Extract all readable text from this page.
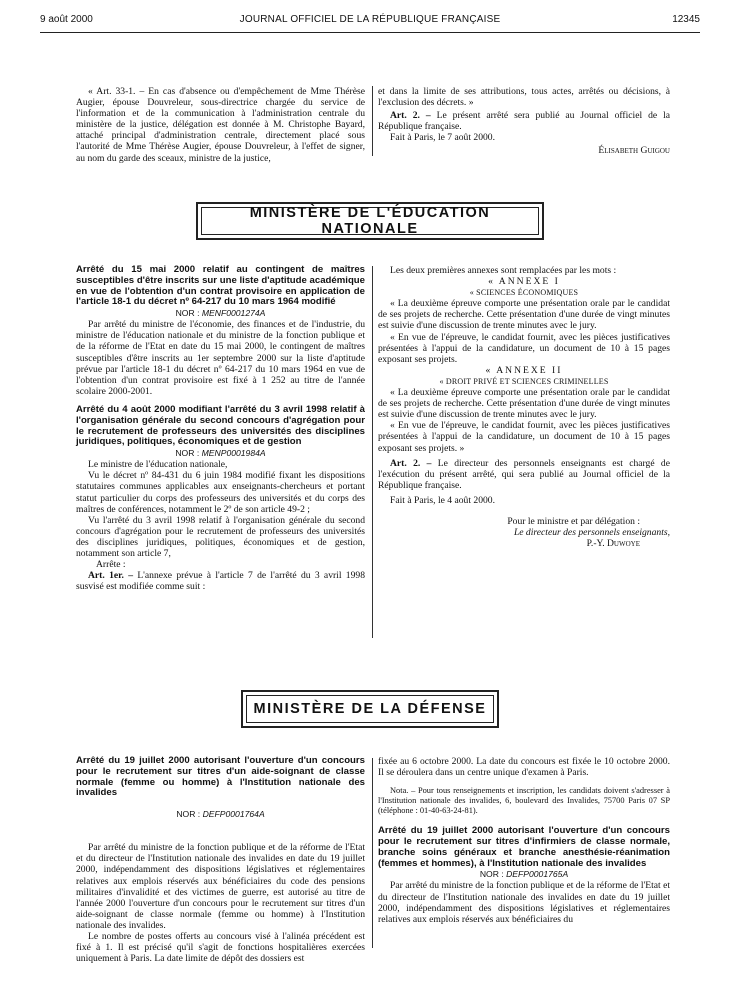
9 août 2000	JOURNAL OFFICIEL DE LA RÉPUBLIQUE FRANÇAISE	12345

« Art. 33-1. – En cas d'absence ou d'empêchement de Mme Thérèse Augier, épouse Douvreleur, sous-directrice chargée du service de l'information et de la communication à l'administration centrale du ministère de la justice, délégation est donnée à M. Christophe Bayard, attaché principal d'administration centrale, directement placé sous l'autorité de Mme Thérèse Augier, épouse Douvreleur, à l'effet de signer, au nom du garde des sceaux, ministre de la justice,

et dans la limite de ses attributions, tous actes, arrêtés ou décisions, à l'exclusion des décrets. »

Art. 2. – Le présent arrêté sera publié au Journal officiel de la République française.

Fait à Paris, le 7 août 2000.

Élisabeth Guigou

MINISTÈRE DE L'ÉDUCATION NATIONALE

Arrêté du 15 mai 2000 relatif au contingent de maîtres susceptibles d'être inscrits sur une liste d'aptitude académique en vue de l'obtention d'un contrat provisoire en application de l'article 18-1 du décret nº 64-217 du 10 mars 1964 modifié

NOR : MENF0001274A

Par arrêté du ministre de l'économie, des finances et de l'industrie, du ministre de l'éducation nationale et du ministre de la fonction publique et de la réforme de l'Etat en date du 15 mai 2000, le contingent de maîtres susceptibles d'être inscrits au 1er septembre 2000 sur la liste d'aptitude prévue par l'article 18-1 du décret nº 64-217 du 10 mars 1964 en vue de l'obtention d'un contrat provisoire est fixé à 1 252 au titre de l'année scolaire 2000-2001.

Arrêté du 4 août 2000 modifiant l'arrêté du 3 avril 1998 relatif à l'organisation générale du second concours d'agrégation pour le recrutement de professeurs des universités des disciplines juridiques, politiques, économiques et de gestion

NOR : MENP0001984A

Le ministre de l'éducation nationale,

Vu le décret nº 84-431 du 6 juin 1984 modifié fixant les dispositions statutaires communes applicables aux enseignants-chercheurs et portant statut particulier du corps des professeurs des universités et du corps des maîtres de conférences, notamment le 2º de son article 49-2 ;

Vu l'arrêté du 3 avril 1998 relatif à l'organisation générale du second concours d'agrégation pour le recrutement de professeurs des universités des disciplines juridiques, politiques, économiques et de gestion, notamment son article 7,

Arrête :

Art. 1er. – L'annexe prévue à l'article 7 de l'arrêté du 3 avril 1998 susvisé est modifiée comme suit :

Les deux premières annexes sont remplacées par les mots :

« ANNEXE I

« SCIENCES ÉCONOMIQUES

« La deuxième épreuve comporte une présentation orale par le candidat de ses projets de recherche. Cette présentation d'une durée de vingt minutes est suivie d'une discussion de trente minutes avec le jury.

« En vue de l'épreuve, le candidat fournit, avec les pièces justificatives présentées à l'appui de la candidature, un document de 10 à 15 pages exposant ses projets.

« ANNEXE II

« DROIT PRIVÉ ET SCIENCES CRIMINELLES

« La deuxième épreuve comporte une présentation orale par le candidat de ses projets de recherche. Cette présentation d'une durée de vingt minutes est suivie d'une discussion de trente minutes avec le jury.

« En vue de l'épreuve, le candidat fournit, avec les pièces justificatives présentées à l'appui de la candidature, un document de 10 à 15 pages exposant ses projets. »

Art. 2. – Le directeur des personnels enseignants est chargé de l'exécution du présent arrêté, qui sera publié au Journal officiel de la République française.

Fait à Paris, le 4 août 2000.

Pour le ministre et par délégation :

Le directeur des personnels enseignants,

P.-Y. Duwoye

MINISTÈRE DE LA DÉFENSE

Arrêté du 19 juillet 2000 autorisant l'ouverture d'un concours pour le recrutement sur titres d'un aide-soignant de classe normale (femme ou homme) à l'Institution nationale des invalides

NOR : DEFP0001764A

Par arrêté du ministre de la fonction publique et de la réforme de l'Etat et du directeur de l'Institution nationale des invalides en date du 19 juillet 2000, indépendamment des dispositions législatives et réglementaires relatives aux emplois réservés aux bénéficiaires du code des pensions militaires d'invalidité et des victimes de guerre, est autorisé au titre de l'année 2000 l'ouverture d'un concours pour le recrutement sur titres d'un aide-soignant de classe normale (femme ou homme) à l'Institution nationale des invalides.

Le nombre de postes offerts au concours visé à l'alinéa précédent est fixé à 1. Il est précisé qu'il s'agit de fonctions hospitalières exercées uniquement à Paris. La date limite de dépôt des dossiers est

fixée au 6 octobre 2000. La date du concours est fixée le 10 octobre 2000. Il se déroulera dans un centre unique d'examen à Paris.

Nota. – Pour tous renseignements et inscription, les candidats doivent s'adresser à l'Institution nationale des invalides, 6, boulevard des Invalides, 75700 Paris 07 SP (téléphone : 01-40-63-24-81).

Arrêté du 19 juillet 2000 autorisant l'ouverture d'un concours pour le recrutement sur titres d'infirmiers de classe normale, branche soins généraux et branche anesthésie-réanimation (femmes et hommes), à l'Institution nationale des invalides

NOR : DEFP0001765A

Par arrêté du ministre de la fonction publique et de la réforme de l'Etat et du directeur de l'Institution nationale des invalides en date du 19 juillet 2000, indépendamment des dispositions législatives et réglementaires relatives aux emplois réservés aux bénéficiaires du
